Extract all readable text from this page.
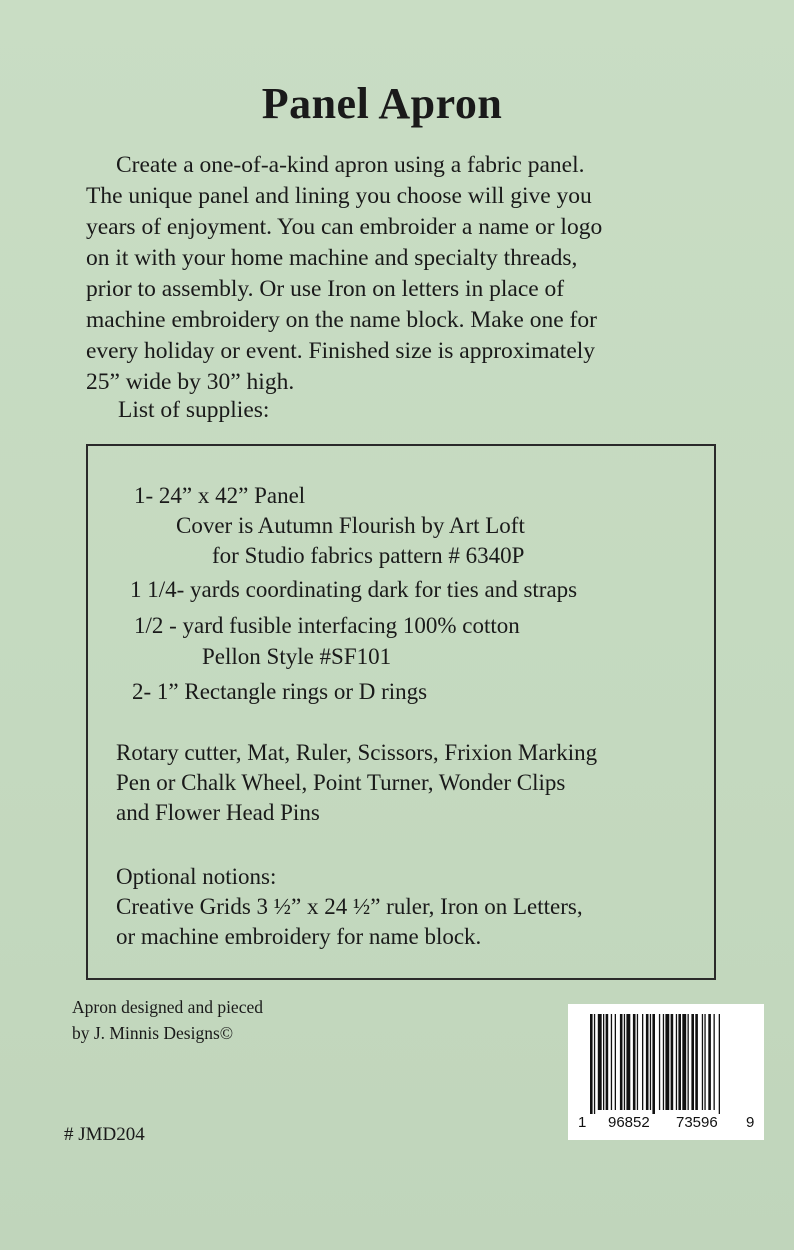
Panel Apron
Create a one-of-a-kind apron using a fabric panel.
The unique panel and lining you choose will give you
years of enjoyment. You can embroider a name or logo
on it with your home machine and specialty threads,
prior to assembly. Or use Iron on letters in place of
machine embroidery on the name block. Make one for
every holiday or event. Finished size is approximately
25” wide by 30” high.
List of supplies:
1- 24” x 42” Panel
Cover is Autumn Flourish by Art Loft
for Studio fabrics pattern # 6340P
1 1/4- yards coordinating dark for ties and straps
1/2 - yard fusible interfacing 100% cotton
Pellon Style #SF101
2- 1” Rectangle rings or D rings
Rotary cutter, Mat, Ruler, Scissors, Frixion Marking
Pen or Chalk Wheel, Point Turner, Wonder Clips
and Flower Head Pins
Optional notions:
Creative Grids 3 ½” x 24 ½” ruler, Iron on Letters,
or machine embroidery for name block.
Apron designed and pieced
by J. Minnis Designs©
# JMD204
1 96852 73596 9
